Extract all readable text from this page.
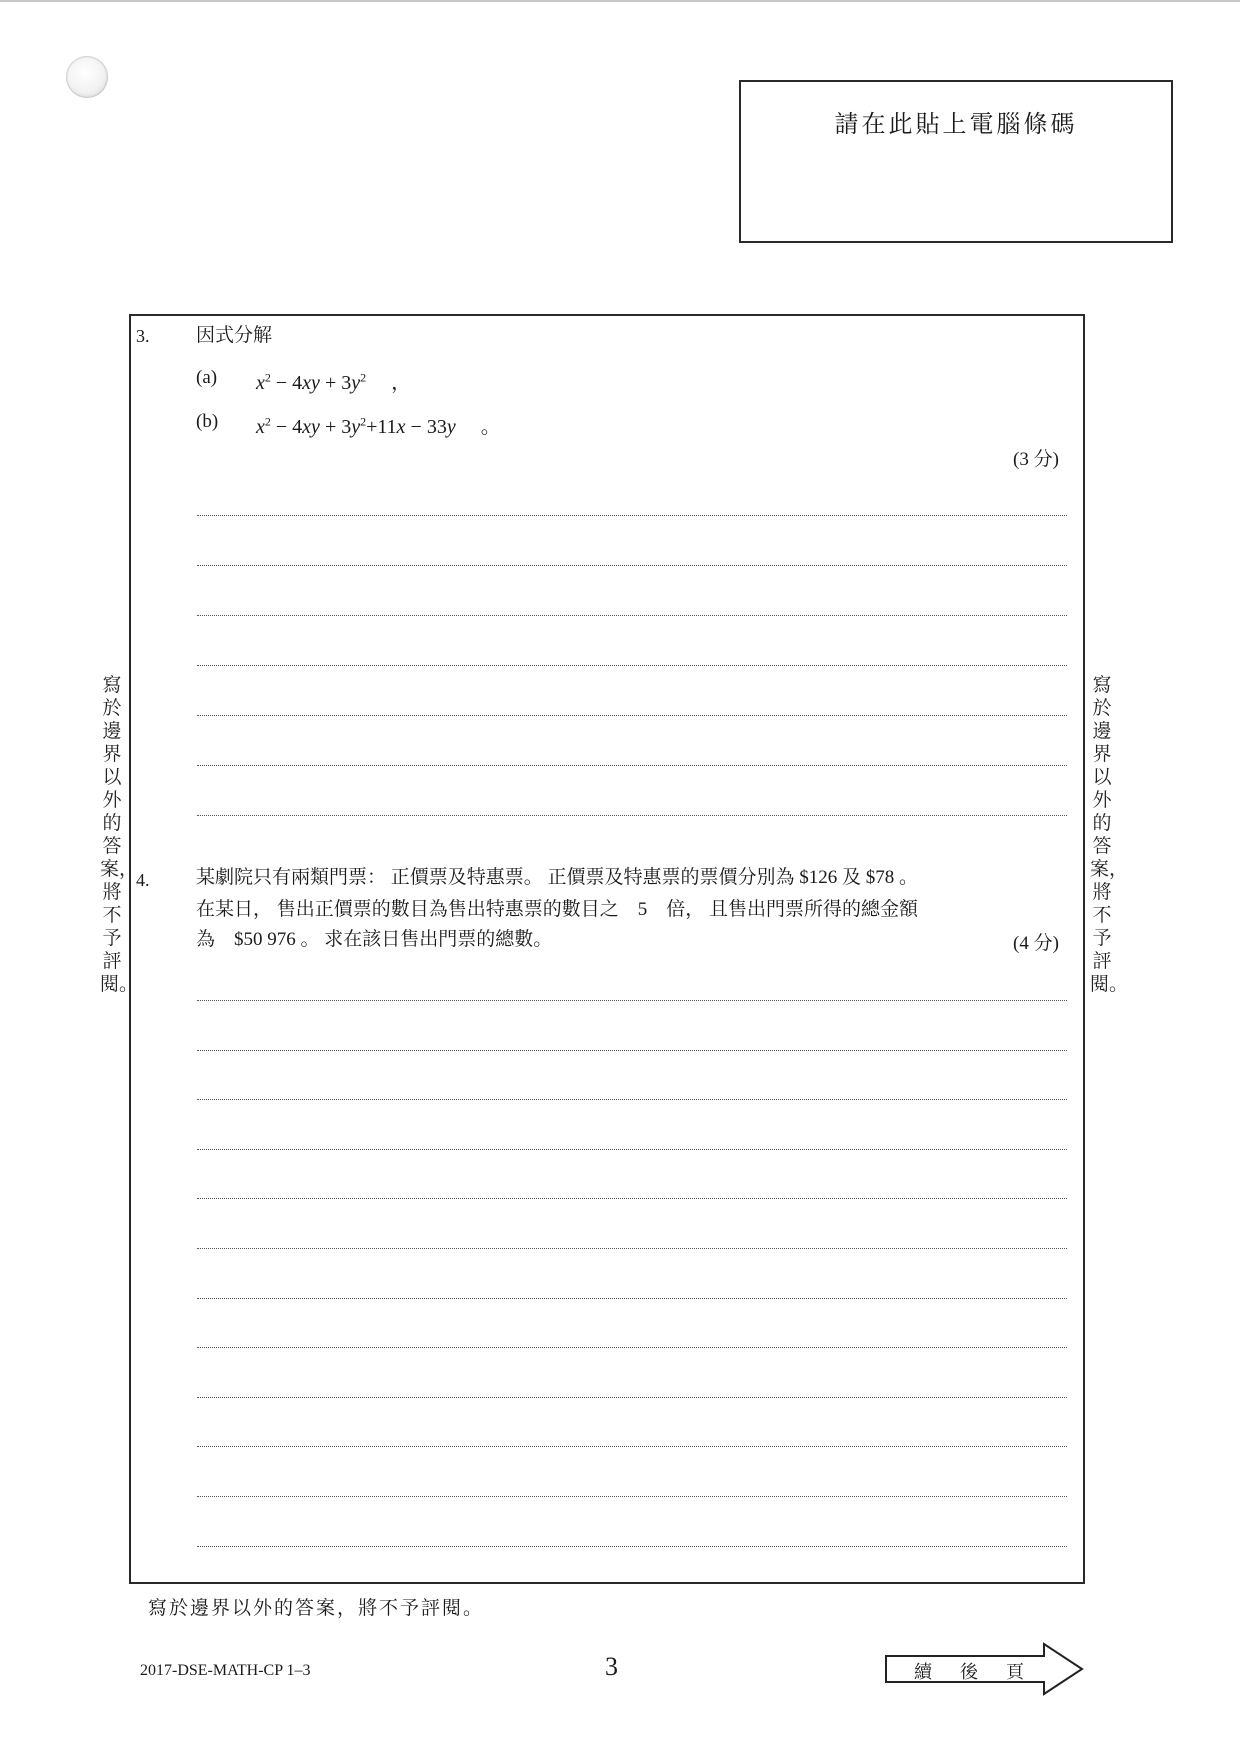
請在此貼上電腦條碼
3. 因式分解
(a) $x^2 - 4xy + 3y^2$ 　，
(b) $x^2 - 4xy + 3y^2+11x - 33y$ 　。
(3 分)
4. 某劇院只有兩類門票： 正價票及特惠票。 正價票及特惠票的票價分別為 $126 及 $78 。
在某日， 售出正價票的數目為售出特惠票的數目之　5　倍， 且售出門票所得的總金額
為　$50 976 。 求在該日售出門票的總數。	(4 分)
寫於邊界以外的答案，將不予評閱。
寫於邊界以外的答案，將不予評閱。
寫於邊界以外的答案，將不予評閱。
2017-DSE-MATH-CP 1–3	3	續後頁
